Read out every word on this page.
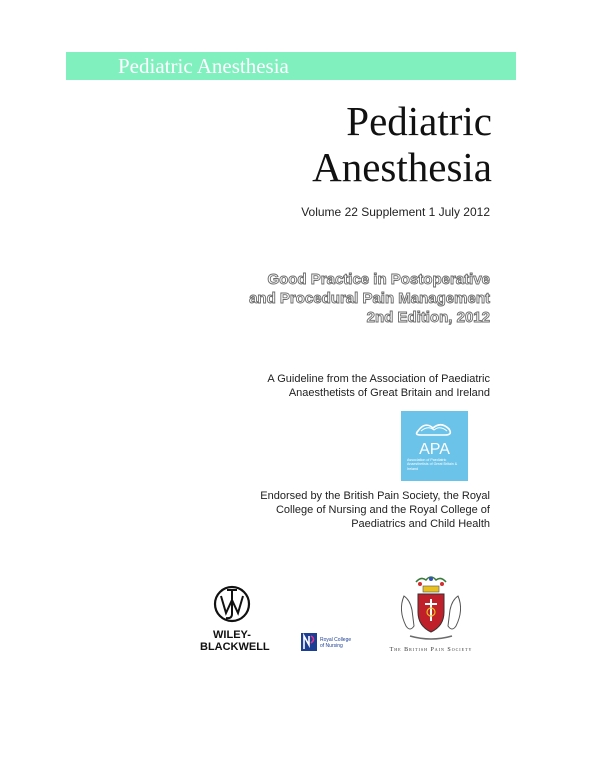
Pediatric Anesthesia
Pediatric
Anesthesia
Volume 22 Supplement 1 July 2012
Good Practice in Postoperative
and Procedural Pain Management
2nd Edition, 2012
A Guideline from the Association of Paediatric
Anaesthetists of Great Britain and Ireland
APA
Association of Paediatric Anaesthetists of Great Britain & Ireland
Endorsed by the British Pain Society, the Royal
College of Nursing and the Royal College of
Paediatrics and Child Health
WILEY-
BLACKWELL
Royal College
of Nursing
The British Pain Society
